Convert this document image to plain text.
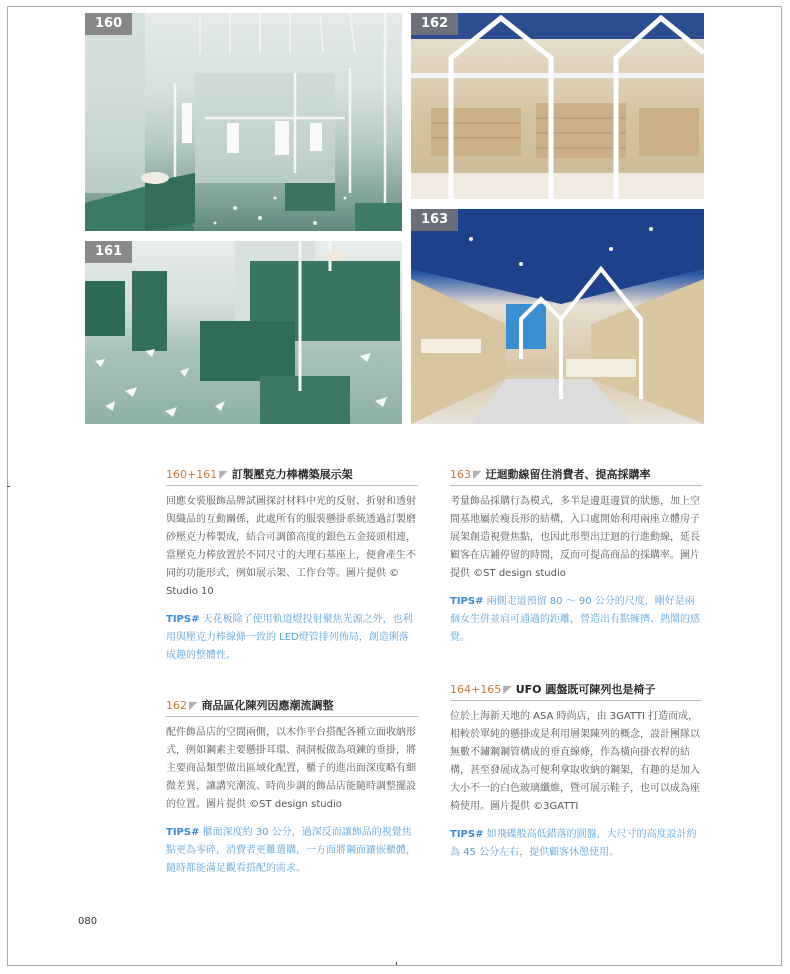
160
161
162
163
160+161 ◤ 訂製壓克力棒構築展示架

回應女裝服飾品牌試圖探討材料中光的反射、折射和透射與織品的互動關係，此處所有的服裝懸掛系統透過訂製磨砂壓克力棒製成，結合可調節高度的銀色五金接頭相連，當壓克力棒放置於不同尺寸的大理石基座上，便會產生不同的功能形式，例如展示架、工作台等。圖片提供 © Studio 10

TIPS# 天花板除了使用軌道燈投射聚焦光源之外，也利用與壓克力棒線條一致的 LED燈管排列佈局，創造俐落成趣的整體性。

162 ◤ 商品區化陳列因應潮流調整

配件飾品店的空間兩側，以木作平台搭配各種立面收納形式，例如鋼素主要懸掛耳環、洞洞板做為項鍊的垂掛，將主要商品類型做出區域化配置，櫃子的進出面深度略有細微差異，讓講究潮流、時尚步調的飾品店能隨時調整擺設的位置。圖片提供 ©ST design studio

TIPS# 櫃面深度約 30 公分，過深反而讓飾品的視覺焦點更為零碎，消費者更難選購，一方面將鋼面鑲嵌櫃體，隨時都能滿足觀看搭配的需求。

163 ◤ 迂迴動線留住消費者、提高採購率

考量飾品採購行為模式，多半是邊逛邊買的狀態，加上空間基地屬於瘦長形的結構，入口處開始利用兩座立體房子展架創造視覺焦點，也因此形塑出迂迴的行進動線，延長顧客在店鋪停留的時間，反而可提高商品的採購率。圖片提供 ©ST design studio

TIPS# 兩側走道預留 80 ～ 90 公分的尺度，剛好是兩個女生併並肩可通過的距離，營造出有點擁擠、熱鬧的感覺。

164+165 ◤ UFO 圓盤既可陳列也是椅子

位於上海新天地的 ASA 時尚店，由 3GATTI 打造而成，相較於單純的懸掛或是利用層架陳列的概念，設計團隊以無數不鏽鋼鋼管構成的垂直線條，作為橫向掛衣桿的結構，甚至發展成為可便利拿取收納的鋼架，有趣的是加入大小不一的白色玻璃纖維，暨可展示鞋子，也可以成為座椅使用。圖片提供 ©3GATTI

TIPS# 如飛碟般高低錯落的圓盤，大尺寸的高度設計約為 45 公分左右，提供顧客休憩使用。

080
